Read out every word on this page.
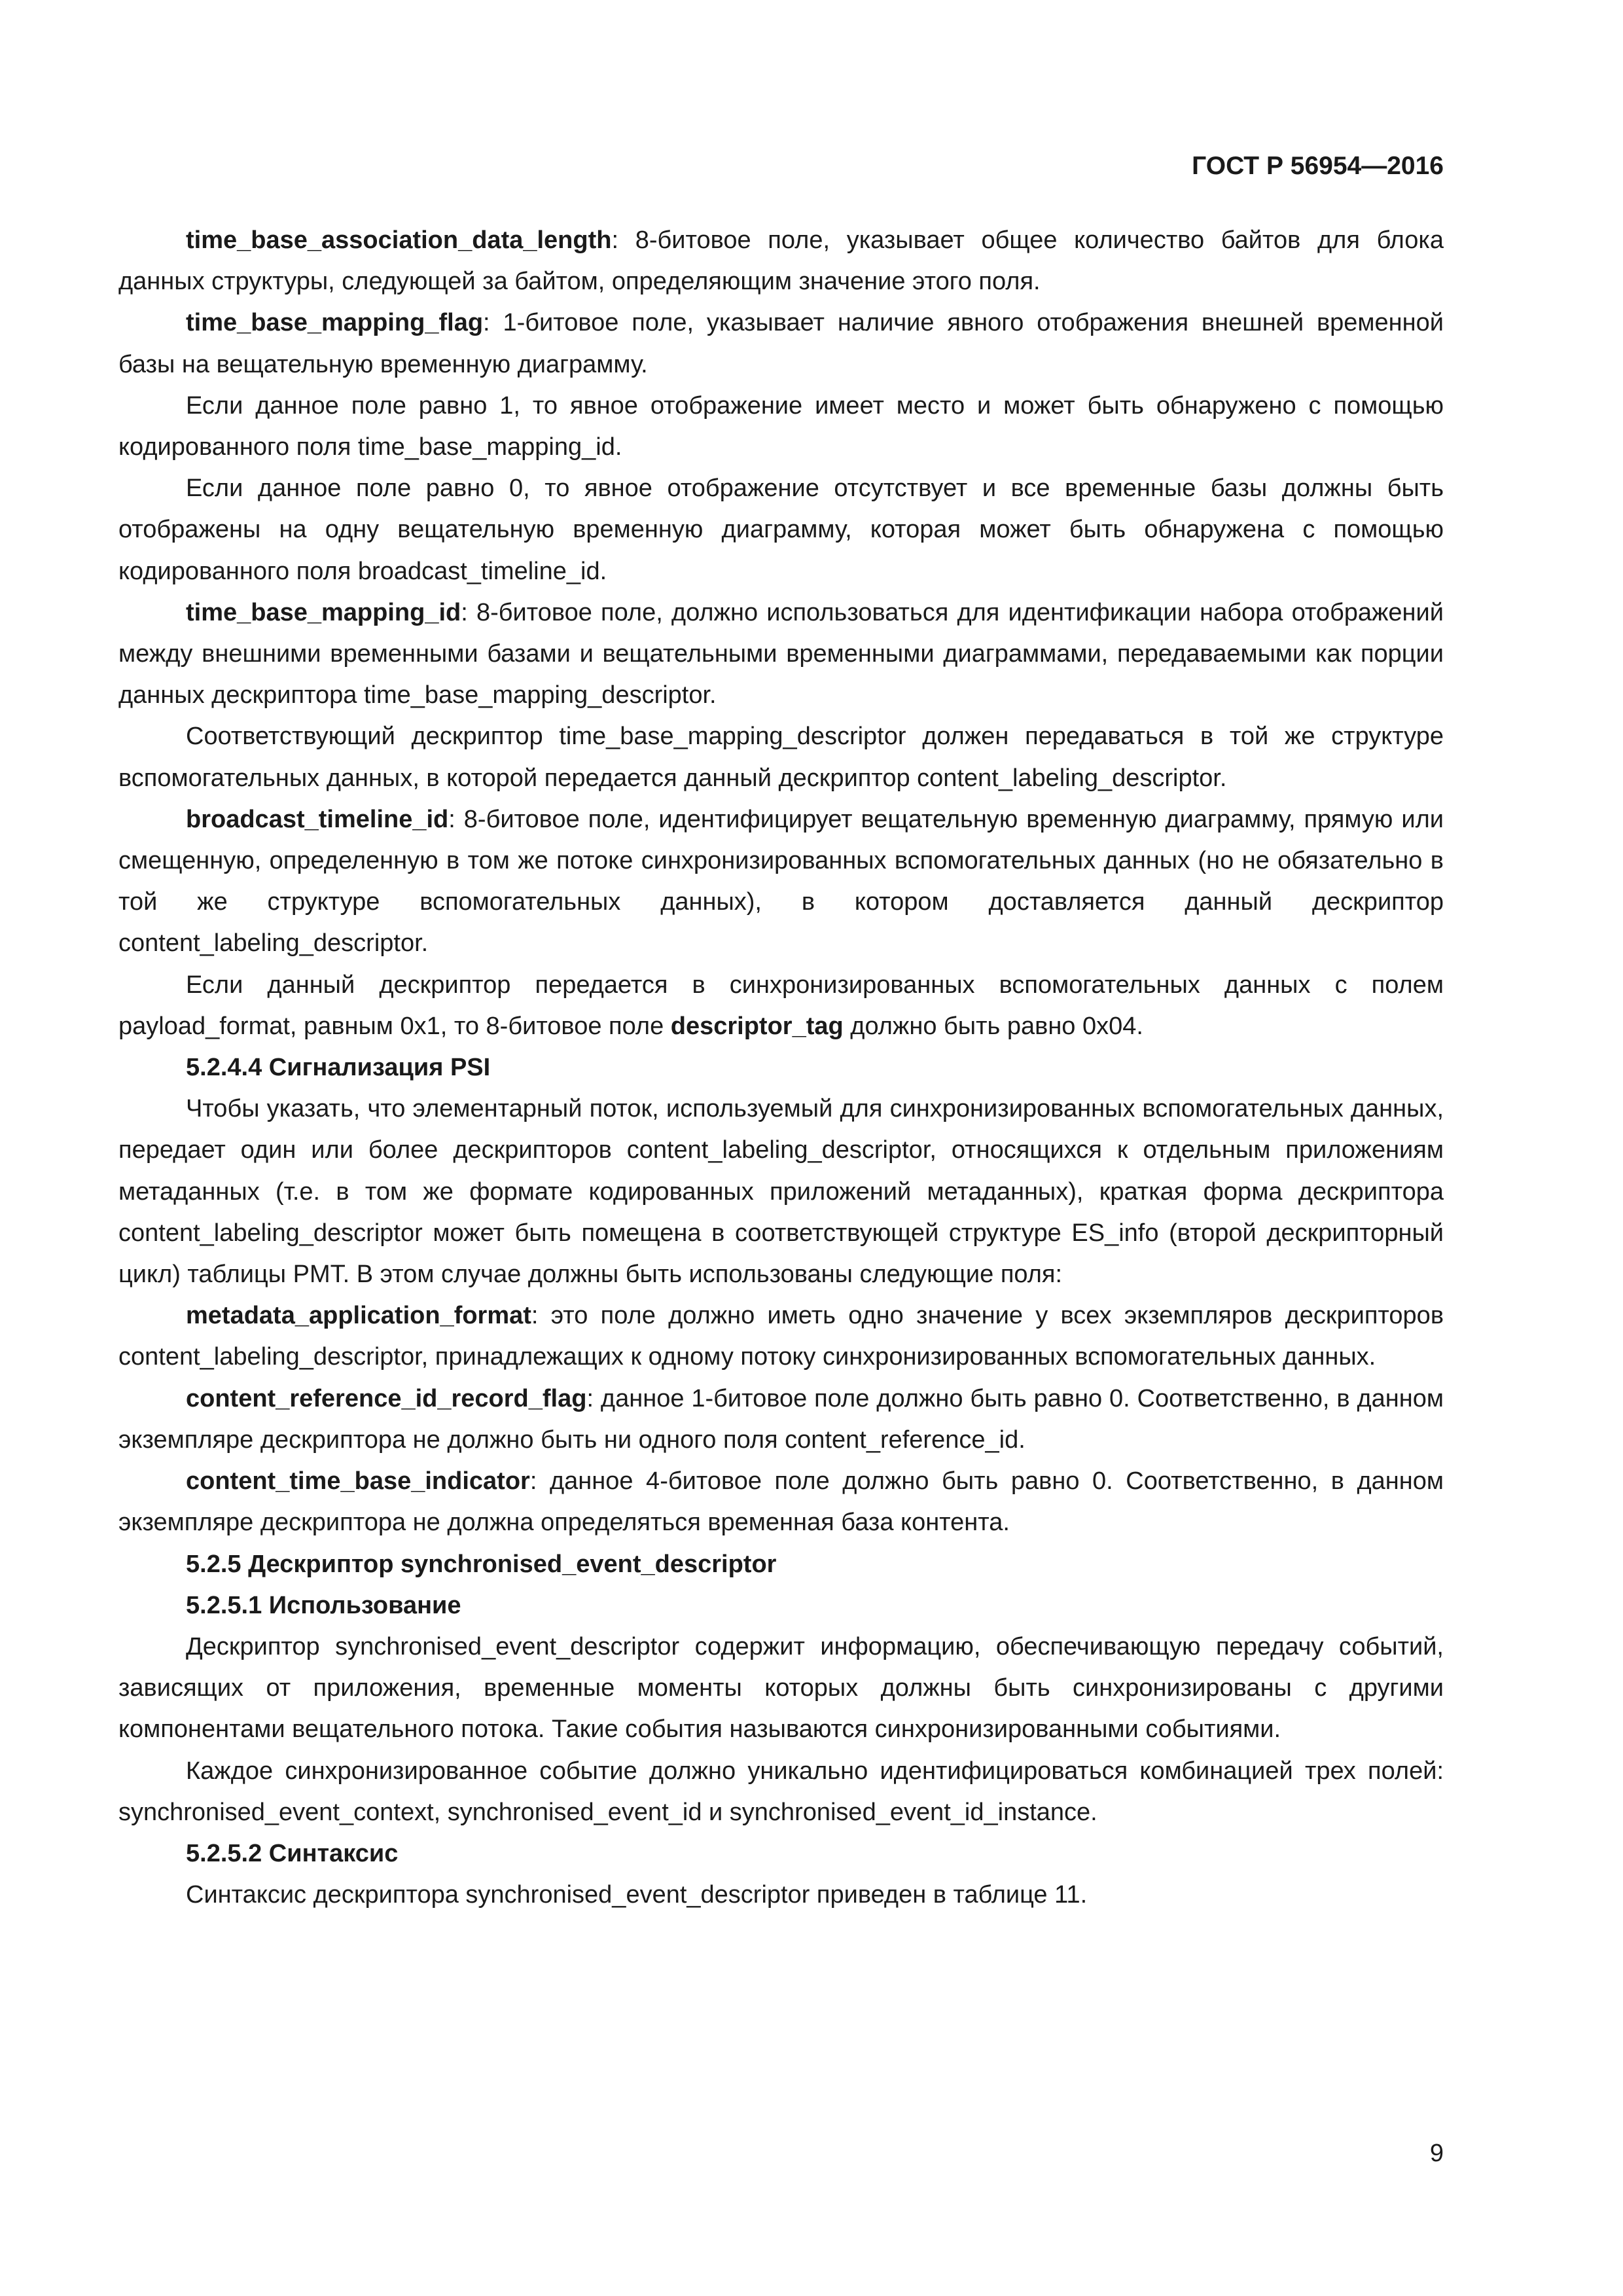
ГОСТ Р 56954—2016

time_base_association_data_length: 8-битовое поле, указывает общее количество байтов для блока данных структуры, следующей за байтом, определяющим значение этого поля.

time_base_mapping_flag: 1-битовое поле, указывает наличие явного отображения внешней временной базы на вещательную временную диаграмму.

Если данное поле равно 1, то явное отображение имеет место и может быть обнаружено с помощью кодированного поля time_base_mapping_id.

Если данное поле равно 0, то явное отображение отсутствует и все временные базы должны быть отображены на одну вещательную временную диаграмму, которая может быть обнаружена с помощью кодированного поля broadcast_timeline_id.

time_base_mapping_id: 8-битовое поле, должно использоваться для идентификации набора отображений между внешними временными базами и вещательными временными диаграммами, передаваемыми как порции данных дескриптора time_base_mapping_descriptor.

Соответствующий дескриптор time_base_mapping_descriptor должен передаваться в той же структуре вспомогательных данных, в которой передается данный дескриптор content_labeling_descriptor.

broadcast_timeline_id: 8-битовое поле, идентифицирует вещательную временную диаграмму, прямую или смещенную, определенную в том же потоке синхронизированных вспомогательных данных (но не обязательно в той же структуре вспомогательных данных), в котором доставляется данный дескриптор content_labeling_descriptor.

Если данный дескриптор передается в синхронизированных вспомогательных данных с полем payload_format, равным 0x1, то 8-битовое поле descriptor_tag должно быть равно 0x04.

5.2.4.4 Сигнализация PSI

Чтобы указать, что элементарный поток, используемый для синхронизированных вспомогательных данных, передает один или более дескрипторов content_labeling_descriptor, относящихся к отдельным приложениям метаданных (т.е. в том же формате кодированных приложений метаданных), краткая форма дескриптора content_labeling_descriptor может быть помещена в соответствующей структуре ES_info (второй дескрипторный цикл) таблицы PMT. В этом случае должны быть использованы следующие поля:

metadata_application_format: это поле должно иметь одно значение у всех экземпляров дескрипторов content_labeling_descriptor, принадлежащих к одному потоку синхронизированных вспомогательных данных.

content_reference_id_record_flag: данное 1-битовое поле должно быть равно 0. Соответственно, в данном экземпляре дескриптора не должно быть ни одного поля content_reference_id.

content_time_base_indicator: данное 4-битовое поле должно быть равно 0. Соответственно, в данном экземпляре дескриптора не должна определяться временная база контента.

5.2.5 Дескриптор synchronised_event_descriptor

5.2.5.1 Использование

Дескриптор synchronised_event_descriptor содержит информацию, обеспечивающую передачу событий, зависящих от приложения, временные моменты которых должны быть синхронизированы с другими компонентами вещательного потока. Такие события называются синхронизированными событиями.

Каждое синхронизированное событие должно уникально идентифицироваться комбинацией трех полей: synchronised_event_context, synchronised_event_id и synchronised_event_id_instance.

5.2.5.2 Синтаксис

Синтаксис дескриптора synchronised_event_descriptor приведен в таблице 11.

9
